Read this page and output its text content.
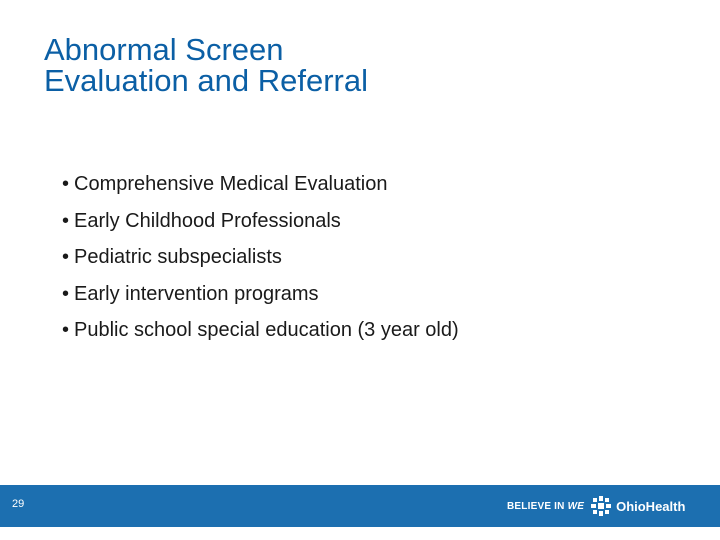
Abnormal Screen
Evaluation and Referral
• Comprehensive Medical Evaluation
• Early Childhood Professionals
• Pediatric subspecialists
• Early intervention programs
• Public school special education (3 year old)
29	BELIEVE IN WE OhioHealth
